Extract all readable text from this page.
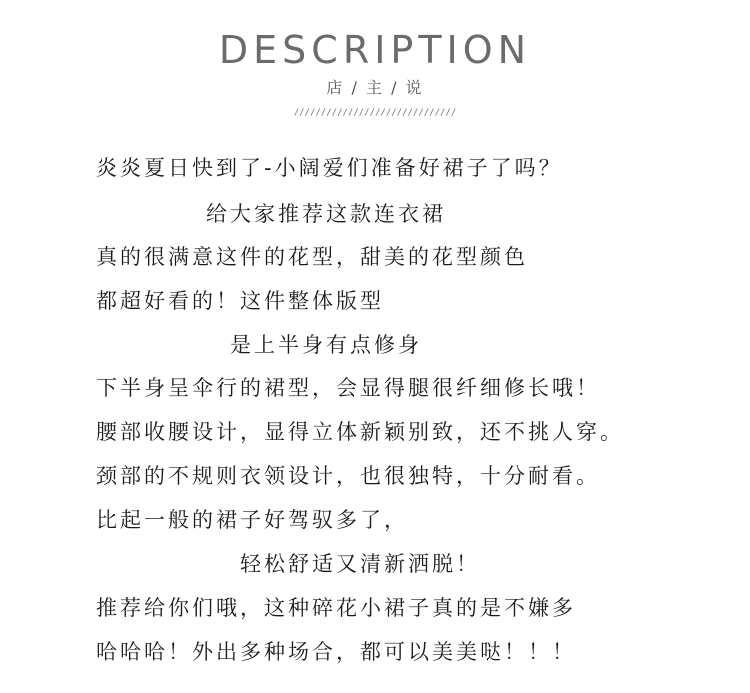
DESCRIPTION
店 / 主 / 说
//////////////////////////////
炎炎夏日快到了-小阔爱们准备好裙子了吗？
给大家推荐这款连衣裙
真的很满意这件的花型，甜美的花型颜色
都超好看的！这件整体版型
是上半身有点修身
下半身呈伞行的裙型，会显得腿很纤细修长哦！
腰部收腰设计，显得立体新颖别致，还不挑人穿。
颈部的不规则衣领设计，也很独特，十分耐看。
比起一般的裙子好驾驭多了，
轻松舒适又清新洒脱！
推荐给你们哦，这种碎花小裙子真的是不嫌多
哈哈哈！外出多种场合，都可以美美哒！！！
